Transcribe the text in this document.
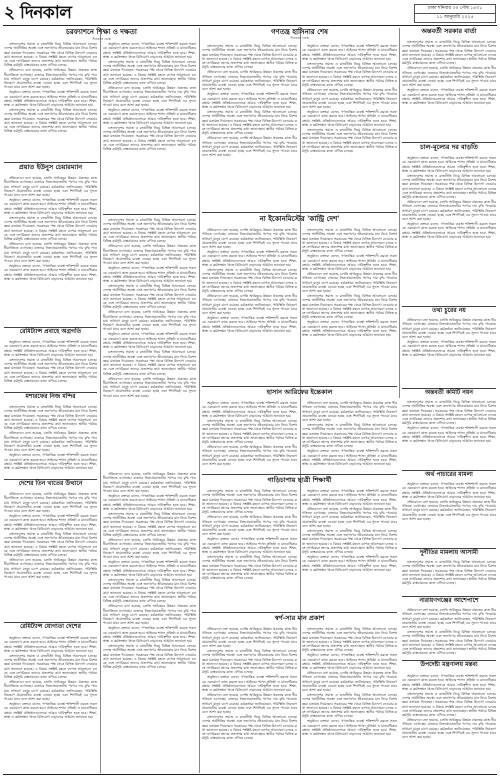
২ দিনকাল	ঢাকা শনিবার ৩০ পৌষ ১৪৩১
১১ জানুয়ারি ২০২৫
চরফ্যাশনে শিক্ষা ও দক্ষতা
দিনকাল ডেস্ক

বাংলাদেশের সমাজ ও রাজনীতি নিয়ে বিভিন্ন আলোচনা চলছে। দেশের অর্থনীতির অবস্থা এবং জনগণের জীবনযাত্রার মান নিয়ে বিশেষজ্ঞরা মতামত দিয়েছেন। সরকারের পক্ষ থেকে বিভিন্ন উদ্যোগ নেওয়ার কথা জানানো হয়েছে। এ বিষয়ে সংশ্লিষ্ট মহলে ব্যাপক আলোচনা চলছে এবং নাগরিকরা তাদের প্রত্যাশার কথা জানাচ্ছেন। স্থানীয় পর্যায়ে বিভিন্ন কর্মসূচি বাস্তবায়নের কাজ এগিয়ে চলছে।

প্রতিবেদনে বলা হয়েছে, চলতি অর্থবছরে উন্নয়ন প্রকল্পের কাজ ধীরগতিতে এগোচ্ছে। বাজারে নিত্যপ্রয়োজনীয় পণ্যের দাম বৃদ্ধি পাওয়ায় সাধারণ মানুষ চাপে রয়েছে। কর্মকর্তারা জানিয়েছেন, পরিস্থিতি নিয়ন্ত্রণে প্রয়োজনীয় ব্যবস্থা নেওয়া হচ্ছে এবং শিগগিরই এর সুফল পাওয়া যাবে বলে আশা করা হচ্ছে।

অনুষ্ঠানে বক্তারা বলেন, গণতান্ত্রিক ব্যবস্থা শক্তিশালী করতে সকলকে একযোগে কাজ করতে হবে। আইনের শাসন প্রতিষ্ঠা ও মানবাধিকার রক্ষায় সংশ্লিষ্ট প্রতিষ্ঠানগুলোকে আরও দায়িত্বশীল হতে হবে। শিক্ষা, স্বাস্থ্য ও কর্মসংস্থান খাতে বিনিয়োগ বাড়ানোর আহ্বান জানানো হয়।

বাংলাদেশের সমাজ ও রাজনীতি নিয়ে বিভিন্ন আলোচনা চলছে। দেশের অর্থনীতির অবস্থা এবং জনগণের জীবনযাত্রার মান নিয়ে বিশেষজ্ঞরা মতামত দিয়েছেন। সরকারের পক্ষ থেকে বিভিন্ন উদ্যোগ নেওয়ার কথা জানানো হয়েছে। এ বিষয়ে সংশ্লিষ্ট মহলে ব্যাপক আলোচনা চলছে এবং নাগরিকরা তাদের প্রত্যাশার কথা জানাচ্ছেন। স্থানীয় পর্যায়ে বিভিন্ন কর্মসূচি বাস্তবায়নের কাজ এগিয়ে চলছে।

প্রয়াত ইউনুস চেয়ারম্যান

প্রতিবেদনে বলা হয়েছে, চলতি অর্থবছরে উন্নয়ন প্রকল্পের কাজ ধীরগতিতে এগোচ্ছে। বাজারে নিত্যপ্রয়োজনীয় পণ্যের দাম বৃদ্ধি পাওয়ায় সাধারণ মানুষ চাপে রয়েছে। কর্মকর্তারা জানিয়েছেন, পরিস্থিতি নিয়ন্ত্রণে প্রয়োজনীয় ব্যবস্থা নেওয়া হচ্ছে এবং শিগগিরই এর সুফল পাওয়া যাবে বলে আশা করা হচ্ছে।

অনুষ্ঠানে বক্তারা বলেন, গণতান্ত্রিক ব্যবস্থা শক্তিশালী করতে সকলকে একযোগে কাজ করতে হবে। আইনের শাসন প্রতিষ্ঠা ও মানবাধিকার রক্ষায় সংশ্লিষ্ট প্রতিষ্ঠানগুলোকে আরও দায়িত্বশীল হতে হবে। শিক্ষা, স্বাস্থ্য ও কর্মসংস্থান খাতে বিনিয়োগ বাড়ানোর আহ্বান জানানো হয়।

বাংলাদেশের সমাজ ও রাজনীতি নিয়ে বিভিন্ন আলোচনা চলছে। দেশের অর্থনীতির অবস্থা এবং জনগণের জীবনযাত্রার মান নিয়ে বিশেষজ্ঞরা মতামত দিয়েছেন। সরকারের পক্ষ থেকে বিভিন্ন উদ্যোগ নেওয়ার কথা জানানো হয়েছে। এ বিষয়ে সংশ্লিষ্ট মহলে ব্যাপক আলোচনা চলছে এবং নাগরিকরা তাদের প্রত্যাশার কথা জানাচ্ছেন। স্থানীয় পর্যায়ে বিভিন্ন কর্মসূচি বাস্তবায়নের কাজ এগিয়ে চলছে।

প্রতিবেদনে বলা হয়েছে, চলতি অর্থবছরে উন্নয়ন প্রকল্পের কাজ ধীরগতিতে এগোচ্ছে। বাজারে নিত্যপ্রয়োজনীয় পণ্যের দাম বৃদ্ধি পাওয়ায় সাধারণ মানুষ চাপে রয়েছে। কর্মকর্তারা জানিয়েছেন, পরিস্থিতি নিয়ন্ত্রণে প্রয়োজনীয় ব্যবস্থা নেওয়া হচ্ছে এবং শিগগিরই এর সুফল পাওয়া যাবে বলে আশা করা হচ্ছে।

অনুষ্ঠানে বক্তারা বলেন, গণতান্ত্রিক ব্যবস্থা শক্তিশালী করতে সকলকে একযোগে কাজ করতে হবে। আইনের শাসন প্রতিষ্ঠা ও মানবাধিকার রক্ষায় সংশ্লিষ্ট প্রতিষ্ঠানগুলোকে আরও দায়িত্বশীল হতে হবে। শিক্ষা, স্বাস্থ্য ও কর্মসংস্থান খাতে বিনিয়োগ বাড়ানোর আহ্বান জানানো হয়।

রেমিট্যান্স প্রবাহে অগ্রগতি

অনুষ্ঠানে বক্তারা বলেন, গণতান্ত্রিক ব্যবস্থা শক্তিশালী করতে সকলকে একযোগে কাজ করতে হবে। আইনের শাসন প্রতিষ্ঠা ও মানবাধিকার রক্ষায় সংশ্লিষ্ট প্রতিষ্ঠানগুলোকে আরও দায়িত্বশীল হতে হবে। শিক্ষা, স্বাস্থ্য ও কর্মসংস্থান খাতে বিনিয়োগ বাড়ানোর আহ্বান জানানো হয়।

বাংলাদেশের সমাজ ও রাজনীতি নিয়ে বিভিন্ন আলোচনা চলছে। দেশের অর্থনীতির অবস্থা এবং জনগণের জীবনযাত্রার মান নিয়ে বিশেষজ্ঞরা মতামত দিয়েছেন। সরকারের পক্ষ থেকে বিভিন্ন উদ্যোগ নেওয়ার কথা জানানো হয়েছে। এ বিষয়ে সংশ্লিষ্ট মহলে ব্যাপক আলোচনা চলছে এবং নাগরিকরা তাদের প্রত্যাশার কথা জানাচ্ছেন। স্থানীয় পর্যায়ে বিভিন্ন কর্মসূচি বাস্তবায়নের কাজ এগিয়ে চলছে।

মশারফের নিজ মন্দির

বাংলাদেশের সমাজ ও রাজনীতি নিয়ে বিভিন্ন আলোচনা চলছে। দেশের অর্থনীতির অবস্থা এবং জনগণের জীবনযাত্রার মান নিয়ে বিশেষজ্ঞরা মতামত দিয়েছেন। সরকারের পক্ষ থেকে বিভিন্ন উদ্যোগ নেওয়ার কথা জানানো হয়েছে। এ বিষয়ে সংশ্লিষ্ট মহলে ব্যাপক আলোচনা চলছে এবং নাগরিকরা তাদের প্রত্যাশার কথা জানাচ্ছেন। স্থানীয় পর্যায়ে বিভিন্ন কর্মসূচি বাস্তবায়নের কাজ এগিয়ে চলছে।

প্রতিবেদনে বলা হয়েছে, চলতি অর্থবছরে উন্নয়ন প্রকল্পের কাজ ধীরগতিতে এগোচ্ছে। বাজারে নিত্যপ্রয়োজনীয় পণ্যের দাম বৃদ্ধি পাওয়ায় সাধারণ মানুষ চাপে রয়েছে। কর্মকর্তারা জানিয়েছেন, পরিস্থিতি নিয়ন্ত্রণে প্রয়োজনীয় ব্যবস্থা নেওয়া হচ্ছে এবং শিগগিরই এর সুফল পাওয়া যাবে বলে আশা করা হচ্ছে।

অনুষ্ঠানে বক্তারা বলেন, গণতান্ত্রিক ব্যবস্থা শক্তিশালী করতে সকলকে একযোগে কাজ করতে হবে। আইনের শাসন প্রতিষ্ঠা ও মানবাধিকার রক্ষায় সংশ্লিষ্ট প্রতিষ্ঠানগুলোকে আরও দায়িত্বশীল হতে হবে। শিক্ষা, স্বাস্থ্য ও কর্মসংস্থান খাতে বিনিয়োগ বাড়ানোর আহ্বান জানানো হয়।

দেশের তিন খাতের উত্থানে

প্রতিবেদনে বলা হয়েছে, চলতি অর্থবছরে উন্নয়ন প্রকল্পের কাজ ধীরগতিতে এগোচ্ছে। বাজারে নিত্যপ্রয়োজনীয় পণ্যের দাম বৃদ্ধি পাওয়ায় সাধারণ মানুষ চাপে রয়েছে। কর্মকর্তারা জানিয়েছেন, পরিস্থিতি নিয়ন্ত্রণে প্রয়োজনীয় ব্যবস্থা নেওয়া হচ্ছে এবং শিগগিরই এর সুফল পাওয়া যাবে বলে আশা করা হচ্ছে।

অনুষ্ঠানে বক্তারা বলেন, গণতান্ত্রিক ব্যবস্থা শক্তিশালী করতে সকলকে একযোগে কাজ করতে হবে। আইনের শাসন প্রতিষ্ঠা ও মানবাধিকার রক্ষায় সংশ্লিষ্ট প্রতিষ্ঠানগুলোকে আরও দায়িত্বশীল হতে হবে। শিক্ষা, স্বাস্থ্য ও কর্মসংস্থান খাতে বিনিয়োগ বাড়ানোর আহ্বান জানানো হয়।

বাংলাদেশের সমাজ ও রাজনীতি নিয়ে বিভিন্ন আলোচনা চলছে। দেশের অর্থনীতির অবস্থা এবং জনগণের জীবনযাত্রার মান নিয়ে বিশেষজ্ঞরা মতামত দিয়েছেন। সরকারের পক্ষ থেকে বিভিন্ন উদ্যোগ নেওয়ার কথা জানানো হয়েছে। এ বিষয়ে সংশ্লিষ্ট মহলে ব্যাপক আলোচনা চলছে এবং নাগরিকরা তাদের প্রত্যাশার কথা জানাচ্ছেন। স্থানীয় পর্যায়ে বিভিন্ন কর্মসূচি বাস্তবায়নের কাজ এগিয়ে চলছে।

প্রতিবেদনে বলা হয়েছে, চলতি অর্থবছরে উন্নয়ন প্রকল্পের কাজ ধীরগতিতে এগোচ্ছে। বাজারে নিত্যপ্রয়োজনীয় পণ্যের দাম বৃদ্ধি পাওয়ায় সাধারণ মানুষ চাপে রয়েছে। কর্মকর্তারা জানিয়েছেন, পরিস্থিতি নিয়ন্ত্রণে প্রয়োজনীয় ব্যবস্থা নেওয়া হচ্ছে এবং শিগগিরই এর সুফল পাওয়া যাবে বলে আশা করা হচ্ছে।

রেমিট্যান্স যোগ্যতা দেশের

অনুষ্ঠানে বক্তারা বলেন, গণতান্ত্রিক ব্যবস্থা শক্তিশালী করতে সকলকে একযোগে কাজ করতে হবে। আইনের শাসন প্রতিষ্ঠা ও মানবাধিকার রক্ষায় সংশ্লিষ্ট প্রতিষ্ঠানগুলোকে আরও দায়িত্বশীল হতে হবে। শিক্ষা, স্বাস্থ্য ও কর্মসংস্থান খাতে বিনিয়োগ বাড়ানোর আহ্বান জানানো হয়।

বাংলাদেশের সমাজ ও রাজনীতি নিয়ে বিভিন্ন আলোচনা চলছে। দেশের অর্থনীতির অবস্থা এবং জনগণের জীবনযাত্রার মান নিয়ে বিশেষজ্ঞরা মতামত দিয়েছেন। সরকারের পক্ষ থেকে বিভিন্ন উদ্যোগ নেওয়ার কথা জানানো হয়েছে। এ বিষয়ে সংশ্লিষ্ট মহলে ব্যাপক আলোচনা চলছে এবং নাগরিকরা তাদের প্রত্যাশার কথা জানাচ্ছেন। স্থানীয় পর্যায়ে বিভিন্ন কর্মসূচি বাস্তবায়নের কাজ এগিয়ে চলছে।

প্রতিবেদনে বলা হয়েছে, চলতি অর্থবছরে উন্নয়ন প্রকল্পের কাজ ধীরগতিতে এগোচ্ছে। বাজারে নিত্যপ্রয়োজনীয় পণ্যের দাম বৃদ্ধি পাওয়ায় সাধারণ মানুষ চাপে রয়েছে। কর্মকর্তারা জানিয়েছেন, পরিস্থিতি নিয়ন্ত্রণে প্রয়োজনীয় ব্যবস্থা নেওয়া হচ্ছে এবং শিগগিরই এর সুফল পাওয়া যাবে বলে আশা করা হচ্ছে।

অনুষ্ঠানে বক্তারা বলেন, গণতান্ত্রিক ব্যবস্থা শক্তিশালী করতে সকলকে একযোগে কাজ করতে হবে। আইনের শাসন প্রতিষ্ঠা ও মানবাধিকার রক্ষায় সংশ্লিষ্ট প্রতিষ্ঠানগুলোকে আরও দায়িত্বশীল হতে হবে। শিক্ষা, স্বাস্থ্য ও কর্মসংস্থান খাতে বিনিয়োগ বাড়ানোর আহ্বান জানানো হয়।

অনুষ্ঠানে বক্তারা বলেন, গণতান্ত্রিক ব্যবস্থা শক্তিশালী করতে সকলকে একযোগে কাজ করতে হবে। আইনের শাসন প্রতিষ্ঠা ও মানবাধিকার রক্ষায় সংশ্লিষ্ট প্রতিষ্ঠানগুলোকে আরও দায়িত্বশীল হতে হবে। শিক্ষা, স্বাস্থ্য ও কর্মসংস্থান খাতে বিনিয়োগ বাড়ানোর আহ্বান জানানো হয়।

বাংলাদেশের সমাজ ও রাজনীতি নিয়ে বিভিন্ন আলোচনা চলছে। দেশের অর্থনীতির অবস্থা এবং জনগণের জীবনযাত্রার মান নিয়ে বিশেষজ্ঞরা মতামত দিয়েছেন। সরকারের পক্ষ থেকে বিভিন্ন উদ্যোগ নেওয়ার কথা জানানো হয়েছে। এ বিষয়ে সংশ্লিষ্ট মহলে ব্যাপক আলোচনা চলছে এবং নাগরিকরা তাদের প্রত্যাশার কথা জানাচ্ছেন। স্থানীয় পর্যায়ে বিভিন্ন কর্মসূচি বাস্তবায়নের কাজ এগিয়ে চলছে।

প্রতিবেদনে বলা হয়েছে, চলতি অর্থবছরে উন্নয়ন প্রকল্পের কাজ ধীরগতিতে এগোচ্ছে। বাজারে নিত্যপ্রয়োজনীয় পণ্যের দাম বৃদ্ধি পাওয়ায় সাধারণ মানুষ চাপে রয়েছে। কর্মকর্তারা জানিয়েছেন, পরিস্থিতি নিয়ন্ত্রণে প্রয়োজনীয় ব্যবস্থা নেওয়া হচ্ছে এবং শিগগিরই এর সুফল পাওয়া যাবে বলে আশা করা হচ্ছে।

অনুষ্ঠানে বক্তারা বলেন, গণতান্ত্রিক ব্যবস্থা শক্তিশালী করতে সকলকে একযোগে কাজ করতে হবে। আইনের শাসন প্রতিষ্ঠা ও মানবাধিকার রক্ষায় সংশ্লিষ্ট প্রতিষ্ঠানগুলোকে আরও দায়িত্বশীল হতে হবে। শিক্ষা, স্বাস্থ্য ও কর্মসংস্থান খাতে বিনিয়োগ বাড়ানোর আহ্বান জানানো হয়।

বাংলাদেশের সমাজ ও রাজনীতি নিয়ে বিভিন্ন আলোচনা চলছে। দেশের অর্থনীতির অবস্থা এবং জনগণের জীবনযাত্রার মান নিয়ে বিশেষজ্ঞরা মতামত দিয়েছেন। সরকারের পক্ষ থেকে বিভিন্ন উদ্যোগ নেওয়ার কথা জানানো হয়েছে। এ বিষয়ে সংশ্লিষ্ট মহলে ব্যাপক আলোচনা চলছে এবং নাগরিকরা তাদের প্রত্যাশার কথা জানাচ্ছেন। স্থানীয় পর্যায়ে বিভিন্ন কর্মসূচি বাস্তবায়নের কাজ এগিয়ে চলছে।

বাংলাদেশের সমাজ ও রাজনীতি নিয়ে বিভিন্ন আলোচনা চলছে। দেশের অর্থনীতির অবস্থা এবং জনগণের জীবনযাত্রার মান নিয়ে বিশেষজ্ঞরা মতামত দিয়েছেন। সরকারের পক্ষ থেকে বিভিন্ন উদ্যোগ নেওয়ার কথা জানানো হয়েছে। এ বিষয়ে সংশ্লিষ্ট মহলে ব্যাপক আলোচনা চলছে এবং নাগরিকরা তাদের প্রত্যাশার কথা জানাচ্ছেন। স্থানীয় পর্যায়ে বিভিন্ন কর্মসূচি বাস্তবায়নের কাজ এগিয়ে চলছে।

প্রতিবেদনে বলা হয়েছে, চলতি অর্থবছরে উন্নয়ন প্রকল্পের কাজ ধীরগতিতে এগোচ্ছে। বাজারে নিত্যপ্রয়োজনীয় পণ্যের দাম বৃদ্ধি পাওয়ায় সাধারণ মানুষ চাপে রয়েছে। কর্মকর্তারা জানিয়েছেন, পরিস্থিতি নিয়ন্ত্রণে প্রয়োজনীয় ব্যবস্থা নেওয়া হচ্ছে এবং শিগগিরই এর সুফল পাওয়া যাবে বলে আশা করা হচ্ছে।

অনুষ্ঠানে বক্তারা বলেন, গণতান্ত্রিক ব্যবস্থা শক্তিশালী করতে সকলকে একযোগে কাজ করতে হবে। আইনের শাসন প্রতিষ্ঠা ও মানবাধিকার রক্ষায় সংশ্লিষ্ট প্রতিষ্ঠানগুলোকে আরও দায়িত্বশীল হতে হবে। শিক্ষা, স্বাস্থ্য ও কর্মসংস্থান খাতে বিনিয়োগ বাড়ানোর আহ্বান জানানো হয়।

বাংলাদেশের সমাজ ও রাজনীতি নিয়ে বিভিন্ন আলোচনা চলছে। দেশের অর্থনীতির অবস্থা এবং জনগণের জীবনযাত্রার মান নিয়ে বিশেষজ্ঞরা মতামত দিয়েছেন। সরকারের পক্ষ থেকে বিভিন্ন উদ্যোগ নেওয়ার কথা জানানো হয়েছে। এ বিষয়ে সংশ্লিষ্ট মহলে ব্যাপক আলোচনা চলছে এবং নাগরিকরা তাদের প্রত্যাশার কথা জানাচ্ছেন। স্থানীয় পর্যায়ে বিভিন্ন কর্মসূচি বাস্তবায়নের কাজ এগিয়ে চলছে।

প্রতিবেদনে বলা হয়েছে, চলতি অর্থবছরে উন্নয়ন প্রকল্পের কাজ ধীরগতিতে এগোচ্ছে। বাজারে নিত্যপ্রয়োজনীয় পণ্যের দাম বৃদ্ধি পাওয়ায় সাধারণ মানুষ চাপে রয়েছে। কর্মকর্তারা জানিয়েছেন, পরিস্থিতি নিয়ন্ত্রণে প্রয়োজনীয় ব্যবস্থা নেওয়া হচ্ছে এবং শিগগিরই এর সুফল পাওয়া যাবে বলে আশা করা হচ্ছে।

অনুষ্ঠানে বক্তারা বলেন, গণতান্ত্রিক ব্যবস্থা শক্তিশালী করতে সকলকে একযোগে কাজ করতে হবে। আইনের শাসন প্রতিষ্ঠা ও মানবাধিকার রক্ষায় সংশ্লিষ্ট প্রতিষ্ঠানগুলোকে আরও দায়িত্বশীল হতে হবে। শিক্ষা, স্বাস্থ্য ও কর্মসংস্থান খাতে বিনিয়োগ বাড়ানোর আহ্বান জানানো হয়।

বাংলাদেশের সমাজ ও রাজনীতি নিয়ে বিভিন্ন আলোচনা চলছে। দেশের অর্থনীতির অবস্থা এবং জনগণের জীবনযাত্রার মান নিয়ে বিশেষজ্ঞরা মতামত দিয়েছেন। সরকারের পক্ষ থেকে বিভিন্ন উদ্যোগ নেওয়ার কথা জানানো হয়েছে। এ বিষয়ে সংশ্লিষ্ট মহলে ব্যাপক আলোচনা চলছে এবং নাগরিকরা তাদের প্রত্যাশার কথা জানাচ্ছেন। স্থানীয় পর্যায়ে বিভিন্ন কর্মসূচি বাস্তবায়নের কাজ এগিয়ে চলছে।

প্রতিবেদনে বলা হয়েছে, চলতি অর্থবছরে উন্নয়ন প্রকল্পের কাজ ধীরগতিতে এগোচ্ছে। বাজারে নিত্যপ্রয়োজনীয় পণ্যের দাম বৃদ্ধি পাওয়ায় সাধারণ মানুষ চাপে রয়েছে। কর্মকর্তারা জানিয়েছেন, পরিস্থিতি নিয়ন্ত্রণে প্রয়োজনীয় ব্যবস্থা নেওয়া হচ্ছে এবং শিগগিরই এর সুফল পাওয়া যাবে বলে আশা করা হচ্ছে।

প্রতিবেদনে বলা হয়েছে, চলতি অর্থবছরে উন্নয়ন প্রকল্পের কাজ ধীরগতিতে এগোচ্ছে। বাজারে নিত্যপ্রয়োজনীয় পণ্যের দাম বৃদ্ধি পাওয়ায় সাধারণ মানুষ চাপে রয়েছে। কর্মকর্তারা জানিয়েছেন, পরিস্থিতি নিয়ন্ত্রণে প্রয়োজনীয় ব্যবস্থা নেওয়া হচ্ছে এবং শিগগিরই এর সুফল পাওয়া যাবে বলে আশা করা হচ্ছে।

অনুষ্ঠানে বক্তারা বলেন, গণতান্ত্রিক ব্যবস্থা শক্তিশালী করতে সকলকে একযোগে কাজ করতে হবে। আইনের শাসন প্রতিষ্ঠা ও মানবাধিকার রক্ষায় সংশ্লিষ্ট প্রতিষ্ঠানগুলোকে আরও দায়িত্বশীল হতে হবে। শিক্ষা, স্বাস্থ্য ও কর্মসংস্থান খাতে বিনিয়োগ বাড়ানোর আহ্বান জানানো হয়।

বাংলাদেশের সমাজ ও রাজনীতি নিয়ে বিভিন্ন আলোচনা চলছে। দেশের অর্থনীতির অবস্থা এবং জনগণের জীবনযাত্রার মান নিয়ে বিশেষজ্ঞরা মতামত দিয়েছেন। সরকারের পক্ষ থেকে বিভিন্ন উদ্যোগ নেওয়ার কথা জানানো হয়েছে। এ বিষয়ে সংশ্লিষ্ট মহলে ব্যাপক আলোচনা চলছে এবং নাগরিকরা তাদের প্রত্যাশার কথা জানাচ্ছেন। স্থানীয় পর্যায়ে বিভিন্ন কর্মসূচি বাস্তবায়নের কাজ এগিয়ে চলছে।

প্রতিবেদনে বলা হয়েছে, চলতি অর্থবছরে উন্নয়ন প্রকল্পের কাজ ধীরগতিতে এগোচ্ছে। বাজারে নিত্যপ্রয়োজনীয় পণ্যের দাম বৃদ্ধি পাওয়ায় সাধারণ মানুষ চাপে রয়েছে। কর্মকর্তারা জানিয়েছেন, পরিস্থিতি নিয়ন্ত্রণে প্রয়োজনীয় ব্যবস্থা নেওয়া হচ্ছে এবং শিগগিরই এর সুফল পাওয়া যাবে বলে আশা করা হচ্ছে।

অনুষ্ঠানে বক্তারা বলেন, গণতান্ত্রিক ব্যবস্থা শক্তিশালী করতে সকলকে একযোগে কাজ করতে হবে। আইনের শাসন প্রতিষ্ঠা ও মানবাধিকার রক্ষায় সংশ্লিষ্ট প্রতিষ্ঠানগুলোকে আরও দায়িত্বশীল হতে হবে। শিক্ষা, স্বাস্থ্য ও কর্মসংস্থান খাতে বিনিয়োগ বাড়ানোর আহ্বান জানানো হয়।

বাংলাদেশের সমাজ ও রাজনীতি নিয়ে বিভিন্ন আলোচনা চলছে। দেশের অর্থনীতির অবস্থা এবং জনগণের জীবনযাত্রার মান নিয়ে বিশেষজ্ঞরা মতামত দিয়েছেন। সরকারের পক্ষ থেকে বিভিন্ন উদ্যোগ নেওয়ার কথা জানানো হয়েছে। এ বিষয়ে সংশ্লিষ্ট মহলে ব্যাপক আলোচনা চলছে এবং নাগরিকরা তাদের প্রত্যাশার কথা জানাচ্ছেন। স্থানীয় পর্যায়ে বিভিন্ন কর্মসূচি বাস্তবায়নের কাজ এগিয়ে চলছে।

প্রতিবেদনে বলা হয়েছে, চলতি অর্থবছরে উন্নয়ন প্রকল্পের কাজ ধীরগতিতে এগোচ্ছে। বাজারে নিত্যপ্রয়োজনীয় পণ্যের দাম বৃদ্ধি পাওয়ায় সাধারণ মানুষ চাপে রয়েছে। কর্মকর্তারা জানিয়েছেন, পরিস্থিতি নিয়ন্ত্রণে প্রয়োজনীয় ব্যবস্থা নেওয়া হচ্ছে এবং শিগগিরই এর সুফল পাওয়া যাবে বলে আশা করা হচ্ছে।

অনুষ্ঠানে বক্তারা বলেন, গণতান্ত্রিক ব্যবস্থা শক্তিশালী করতে সকলকে একযোগে কাজ করতে হবে। আইনের শাসন প্রতিষ্ঠা ও মানবাধিকার রক্ষায় সংশ্লিষ্ট প্রতিষ্ঠানগুলোকে আরও দায়িত্বশীল হতে হবে। শিক্ষা, স্বাস্থ্য ও কর্মসংস্থান খাতে বিনিয়োগ বাড়ানোর আহ্বান জানানো হয়।

বাংলাদেশের সমাজ ও রাজনীতি নিয়ে বিভিন্ন আলোচনা চলছে। দেশের অর্থনীতির অবস্থা এবং জনগণের জীবনযাত্রার মান নিয়ে বিশেষজ্ঞরা মতামত দিয়েছেন। সরকারের পক্ষ থেকে বিভিন্ন উদ্যোগ নেওয়ার কথা জানানো হয়েছে। এ বিষয়ে সংশ্লিষ্ট মহলে ব্যাপক আলোচনা চলছে এবং নাগরিকরা তাদের প্রত্যাশার কথা জানাচ্ছেন। স্থানীয় পর্যায়ে বিভিন্ন কর্মসূচি বাস্তবায়নের কাজ এগিয়ে চলছে।

গণতন্ত্র হাসিনার শেষ
দিনকাল ডেস্ক

বাংলাদেশের সমাজ ও রাজনীতি নিয়ে বিভিন্ন আলোচনা চলছে। দেশের অর্থনীতির অবস্থা এবং জনগণের জীবনযাত্রার মান নিয়ে বিশেষজ্ঞরা মতামত দিয়েছেন। সরকারের পক্ষ থেকে বিভিন্ন উদ্যোগ নেওয়ার কথা জানানো হয়েছে। এ বিষয়ে সংশ্লিষ্ট মহলে ব্যাপক আলোচনা চলছে এবং নাগরিকরা তাদের প্রত্যাশার কথা জানাচ্ছেন। স্থানীয় পর্যায়ে বিভিন্ন কর্মসূচি বাস্তবায়নের কাজ এগিয়ে চলছে।

প্রতিবেদনে বলা হয়েছে, চলতি অর্থবছরে উন্নয়ন প্রকল্পের কাজ ধীরগতিতে এগোচ্ছে। বাজারে নিত্যপ্রয়োজনীয় পণ্যের দাম বৃদ্ধি পাওয়ায় সাধারণ মানুষ চাপে রয়েছে। কর্মকর্তারা জানিয়েছেন, পরিস্থিতি নিয়ন্ত্রণে প্রয়োজনীয় ব্যবস্থা নেওয়া হচ্ছে এবং শিগগিরই এর সুফল পাওয়া যাবে বলে আশা করা হচ্ছে।

অনুষ্ঠানে বক্তারা বলেন, গণতান্ত্রিক ব্যবস্থা শক্তিশালী করতে সকলকে একযোগে কাজ করতে হবে। আইনের শাসন প্রতিষ্ঠা ও মানবাধিকার রক্ষায় সংশ্লিষ্ট প্রতিষ্ঠানগুলোকে আরও দায়িত্বশীল হতে হবে। শিক্ষা, স্বাস্থ্য ও কর্মসংস্থান খাতে বিনিয়োগ বাড়ানোর আহ্বান জানানো হয়।

বাংলাদেশের সমাজ ও রাজনীতি নিয়ে বিভিন্ন আলোচনা চলছে। দেশের অর্থনীতির অবস্থা এবং জনগণের জীবনযাত্রার মান নিয়ে বিশেষজ্ঞরা মতামত দিয়েছেন। সরকারের পক্ষ থেকে বিভিন্ন উদ্যোগ নেওয়ার কথা জানানো হয়েছে। এ বিষয়ে সংশ্লিষ্ট মহলে ব্যাপক আলোচনা চলছে এবং নাগরিকরা তাদের প্রত্যাশার কথা জানাচ্ছেন। স্থানীয় পর্যায়ে বিভিন্ন কর্মসূচি বাস্তবায়নের কাজ এগিয়ে চলছে।

প্রতিবেদনে বলা হয়েছে, চলতি অর্থবছরে উন্নয়ন প্রকল্পের কাজ ধীরগতিতে এগোচ্ছে। বাজারে নিত্যপ্রয়োজনীয় পণ্যের দাম বৃদ্ধি পাওয়ায় সাধারণ মানুষ চাপে রয়েছে। কর্মকর্তারা জানিয়েছেন, পরিস্থিতি নিয়ন্ত্রণে প্রয়োজনীয় ব্যবস্থা নেওয়া হচ্ছে এবং শিগগিরই এর সুফল পাওয়া যাবে বলে আশা করা হচ্ছে।

অনুষ্ঠানে বক্তারা বলেন, গণতান্ত্রিক ব্যবস্থা শক্তিশালী করতে সকলকে একযোগে কাজ করতে হবে। আইনের শাসন প্রতিষ্ঠা ও মানবাধিকার রক্ষায় সংশ্লিষ্ট প্রতিষ্ঠানগুলোকে আরও দায়িত্বশীল হতে হবে। শিক্ষা, স্বাস্থ্য ও কর্মসংস্থান খাতে বিনিয়োগ বাড়ানোর আহ্বান জানানো হয়।

বাংলাদেশের সমাজ ও রাজনীতি নিয়ে বিভিন্ন আলোচনা চলছে। দেশের অর্থনীতির অবস্থা এবং জনগণের জীবনযাত্রার মান নিয়ে বিশেষজ্ঞরা মতামত দিয়েছেন। সরকারের পক্ষ থেকে বিভিন্ন উদ্যোগ নেওয়ার কথা জানানো হয়েছে। এ বিষয়ে সংশ্লিষ্ট মহলে ব্যাপক আলোচনা চলছে এবং নাগরিকরা তাদের প্রত্যাশার কথা জানাচ্ছেন। স্থানীয় পর্যায়ে বিভিন্ন কর্মসূচি বাস্তবায়নের কাজ এগিয়ে চলছে।

প্রতিবেদনে বলা হয়েছে, চলতি অর্থবছরে উন্নয়ন প্রকল্পের কাজ ধীরগতিতে এগোচ্ছে। বাজারে নিত্যপ্রয়োজনীয় পণ্যের দাম বৃদ্ধি পাওয়ায় সাধারণ মানুষ চাপে রয়েছে। কর্মকর্তারা জানিয়েছেন, পরিস্থিতি নিয়ন্ত্রণে প্রয়োজনীয় ব্যবস্থা নেওয়া হচ্ছে এবং শিগগিরই এর সুফল পাওয়া যাবে বলে আশা করা হচ্ছে।

অনুষ্ঠানে বক্তারা বলেন, গণতান্ত্রিক ব্যবস্থা শক্তিশালী করতে সকলকে একযোগে কাজ করতে হবে। আইনের শাসন প্রতিষ্ঠা ও মানবাধিকার রক্ষায় সংশ্লিষ্ট প্রতিষ্ঠানগুলোকে আরও দায়িত্বশীল হতে হবে। শিক্ষা, স্বাস্থ্য ও কর্মসংস্থান খাতে বিনিয়োগ বাড়ানোর আহ্বান জানানো হয়।

বাংলাদেশের সমাজ ও রাজনীতি নিয়ে বিভিন্ন আলোচনা চলছে। দেশের অর্থনীতির অবস্থা এবং জনগণের জীবনযাত্রার মান নিয়ে বিশেষজ্ঞরা মতামত দিয়েছেন। সরকারের পক্ষ থেকে বিভিন্ন উদ্যোগ নেওয়ার কথা জানানো হয়েছে। এ বিষয়ে সংশ্লিষ্ট মহলে ব্যাপক আলোচনা চলছে এবং নাগরিকরা তাদের প্রত্যাশার কথা জানাচ্ছেন। স্থানীয় পর্যায়ে বিভিন্ন কর্মসূচি বাস্তবায়নের কাজ এগিয়ে চলছে।

না ইকোনমিস্টের 'কান্ট্রি দেশ'

প্রতিবেদনে বলা হয়েছে, চলতি অর্থবছরে উন্নয়ন প্রকল্পের কাজ ধীরগতিতে এগোচ্ছে। বাজারে নিত্যপ্রয়োজনীয় পণ্যের দাম বৃদ্ধি পাওয়ায় সাধারণ মানুষ চাপে রয়েছে। কর্মকর্তারা জানিয়েছেন, পরিস্থিতি নিয়ন্ত্রণে প্রয়োজনীয় ব্যবস্থা নেওয়া হচ্ছে এবং শিগগিরই এর সুফল পাওয়া যাবে বলে আশা করা হচ্ছে।

অনুষ্ঠানে বক্তারা বলেন, গণতান্ত্রিক ব্যবস্থা শক্তিশালী করতে সকলকে একযোগে কাজ করতে হবে। আইনের শাসন প্রতিষ্ঠা ও মানবাধিকার রক্ষায় সংশ্লিষ্ট প্রতিষ্ঠানগুলোকে আরও দায়িত্বশীল হতে হবে। শিক্ষা, স্বাস্থ্য ও কর্মসংস্থান খাতে বিনিয়োগ বাড়ানোর আহ্বান জানানো হয়।

বাংলাদেশের সমাজ ও রাজনীতি নিয়ে বিভিন্ন আলোচনা চলছে। দেশের অর্থনীতির অবস্থা এবং জনগণের জীবনযাত্রার মান নিয়ে বিশেষজ্ঞরা মতামত দিয়েছেন। সরকারের পক্ষ থেকে বিভিন্ন উদ্যোগ নেওয়ার কথা জানানো হয়েছে। এ বিষয়ে সংশ্লিষ্ট মহলে ব্যাপক আলোচনা চলছে এবং নাগরিকরা তাদের প্রত্যাশার কথা জানাচ্ছেন। স্থানীয় পর্যায়ে বিভিন্ন কর্মসূচি বাস্তবায়নের কাজ এগিয়ে চলছে।

প্রতিবেদনে বলা হয়েছে, চলতি অর্থবছরে উন্নয়ন প্রকল্পের কাজ ধীরগতিতে এগোচ্ছে। বাজারে নিত্যপ্রয়োজনীয় পণ্যের দাম বৃদ্ধি পাওয়ায় সাধারণ মানুষ চাপে রয়েছে। কর্মকর্তারা জানিয়েছেন, পরিস্থিতি নিয়ন্ত্রণে প্রয়োজনীয় ব্যবস্থা নেওয়া হচ্ছে এবং শিগগিরই এর সুফল পাওয়া যাবে বলে আশা করা হচ্ছে।

অনুষ্ঠানে বক্তারা বলেন, গণতান্ত্রিক ব্যবস্থা শক্তিশালী করতে সকলকে একযোগে কাজ করতে হবে। আইনের শাসন প্রতিষ্ঠা ও মানবাধিকার রক্ষায় সংশ্লিষ্ট প্রতিষ্ঠানগুলোকে আরও দায়িত্বশীল হতে হবে। শিক্ষা, স্বাস্থ্য ও কর্মসংস্থান খাতে বিনিয়োগ বাড়ানোর আহ্বান জানানো হয়।

বাংলাদেশের সমাজ ও রাজনীতি নিয়ে বিভিন্ন আলোচনা চলছে। দেশের অর্থনীতির অবস্থা এবং জনগণের জীবনযাত্রার মান নিয়ে বিশেষজ্ঞরা মতামত দিয়েছেন। সরকারের পক্ষ থেকে বিভিন্ন উদ্যোগ নেওয়ার কথা জানানো হয়েছে। এ বিষয়ে সংশ্লিষ্ট মহলে ব্যাপক আলোচনা চলছে এবং নাগরিকরা তাদের প্রত্যাশার কথা জানাচ্ছেন। স্থানীয় পর্যায়ে বিভিন্ন কর্মসূচি বাস্তবায়নের কাজ এগিয়ে চলছে।

অনুষ্ঠানে বক্তারা বলেন, গণতান্ত্রিক ব্যবস্থা শক্তিশালী করতে সকলকে একযোগে কাজ করতে হবে। আইনের শাসন প্রতিষ্ঠা ও মানবাধিকার রক্ষায় সংশ্লিষ্ট প্রতিষ্ঠানগুলোকে আরও দায়িত্বশীল হতে হবে। শিক্ষা, স্বাস্থ্য ও কর্মসংস্থান খাতে বিনিয়োগ বাড়ানোর আহ্বান জানানো হয়।

প্রতিবেদনে বলা হয়েছে, চলতি অর্থবছরে উন্নয়ন প্রকল্পের কাজ ধীরগতিতে এগোচ্ছে। বাজারে নিত্যপ্রয়োজনীয় পণ্যের দাম বৃদ্ধি পাওয়ায় সাধারণ মানুষ চাপে রয়েছে। কর্মকর্তারা জানিয়েছেন, পরিস্থিতি নিয়ন্ত্রণে প্রয়োজনীয় ব্যবস্থা নেওয়া হচ্ছে এবং শিগগিরই এর সুফল পাওয়া যাবে বলে আশা করা হচ্ছে।

বাংলাদেশের সমাজ ও রাজনীতি নিয়ে বিভিন্ন আলোচনা চলছে। দেশের অর্থনীতির অবস্থা এবং জনগণের জীবনযাত্রার মান নিয়ে বিশেষজ্ঞরা মতামত দিয়েছেন। সরকারের পক্ষ থেকে বিভিন্ন উদ্যোগ নেওয়ার কথা জানানো হয়েছে। এ বিষয়ে সংশ্লিষ্ট মহলে ব্যাপক আলোচনা চলছে এবং নাগরিকরা তাদের প্রত্যাশার কথা জানাচ্ছেন। স্থানীয় পর্যায়ে বিভিন্ন কর্মসূচি বাস্তবায়নের কাজ এগিয়ে চলছে।

অনুষ্ঠানে বক্তারা বলেন, গণতান্ত্রিক ব্যবস্থা শক্তিশালী করতে সকলকে একযোগে কাজ করতে হবে। আইনের শাসন প্রতিষ্ঠা ও মানবাধিকার রক্ষায় সংশ্লিষ্ট প্রতিষ্ঠানগুলোকে আরও দায়িত্বশীল হতে হবে। শিক্ষা, স্বাস্থ্য ও কর্মসংস্থান খাতে বিনিয়োগ বাড়ানোর আহ্বান জানানো হয়।

হাসান আরিফের ইন্তেকাল

অনুষ্ঠানে বক্তারা বলেন, গণতান্ত্রিক ব্যবস্থা শক্তিশালী করতে সকলকে একযোগে কাজ করতে হবে। আইনের শাসন প্রতিষ্ঠা ও মানবাধিকার রক্ষায় সংশ্লিষ্ট প্রতিষ্ঠানগুলোকে আরও দায়িত্বশীল হতে হবে। শিক্ষা, স্বাস্থ্য ও কর্মসংস্থান খাতে বিনিয়োগ বাড়ানোর আহ্বান জানানো হয়।

বাংলাদেশের সমাজ ও রাজনীতি নিয়ে বিভিন্ন আলোচনা চলছে। দেশের অর্থনীতির অবস্থা এবং জনগণের জীবনযাত্রার মান নিয়ে বিশেষজ্ঞরা মতামত দিয়েছেন। সরকারের পক্ষ থেকে বিভিন্ন উদ্যোগ নেওয়ার কথা জানানো হয়েছে। এ বিষয়ে সংশ্লিষ্ট মহলে ব্যাপক আলোচনা চলছে এবং নাগরিকরা তাদের প্রত্যাশার কথা জানাচ্ছেন। স্থানীয় পর্যায়ে বিভিন্ন কর্মসূচি বাস্তবায়নের কাজ এগিয়ে চলছে।

প্রতিবেদনে বলা হয়েছে, চলতি অর্থবছরে উন্নয়ন প্রকল্পের কাজ ধীরগতিতে এগোচ্ছে। বাজারে নিত্যপ্রয়োজনীয় পণ্যের দাম বৃদ্ধি পাওয়ায় সাধারণ মানুষ চাপে রয়েছে। কর্মকর্তারা জানিয়েছেন, পরিস্থিতি নিয়ন্ত্রণে প্রয়োজনীয় ব্যবস্থা নেওয়া হচ্ছে এবং শিগগিরই এর সুফল পাওয়া যাবে বলে আশা করা হচ্ছে।

প্রতিবেদনে বলা হয়েছে, চলতি অর্থবছরে উন্নয়ন প্রকল্পের কাজ ধীরগতিতে এগোচ্ছে। বাজারে নিত্যপ্রয়োজনীয় পণ্যের দাম বৃদ্ধি পাওয়ায় সাধারণ মানুষ চাপে রয়েছে। কর্মকর্তারা জানিয়েছেন, পরিস্থিতি নিয়ন্ত্রণে প্রয়োজনীয় ব্যবস্থা নেওয়া হচ্ছে এবং শিগগিরই এর সুফল পাওয়া যাবে বলে আশা করা হচ্ছে।

বাংলাদেশের সমাজ ও রাজনীতি নিয়ে বিভিন্ন আলোচনা চলছে। দেশের অর্থনীতির অবস্থা এবং জনগণের জীবনযাত্রার মান নিয়ে বিশেষজ্ঞরা মতামত দিয়েছেন। সরকারের পক্ষ থেকে বিভিন্ন উদ্যোগ নেওয়ার কথা জানানো হয়েছে। এ বিষয়ে সংশ্লিষ্ট মহলে ব্যাপক আলোচনা চলছে এবং নাগরিকরা তাদের প্রত্যাশার কথা জানাচ্ছেন। স্থানীয় পর্যায়ে বিভিন্ন কর্মসূচি বাস্তবায়নের কাজ এগিয়ে চলছে।

অনুষ্ঠানে বক্তারা বলেন, গণতান্ত্রিক ব্যবস্থা শক্তিশালী করতে সকলকে একযোগে কাজ করতে হবে। আইনের শাসন প্রতিষ্ঠা ও মানবাধিকার রক্ষায় সংশ্লিষ্ট প্রতিষ্ঠানগুলোকে আরও দায়িত্বশীল হতে হবে। শিক্ষা, স্বাস্থ্য ও কর্মসংস্থান খাতে বিনিয়োগ বাড়ানোর আহ্বান জানানো হয়।

গাড়িচাপায় ছাত্রী শিক্ষার্থী

বাংলাদেশের সমাজ ও রাজনীতি নিয়ে বিভিন্ন আলোচনা চলছে। দেশের অর্থনীতির অবস্থা এবং জনগণের জীবনযাত্রার মান নিয়ে বিশেষজ্ঞরা মতামত দিয়েছেন। সরকারের পক্ষ থেকে বিভিন্ন উদ্যোগ নেওয়ার কথা জানানো হয়েছে। এ বিষয়ে সংশ্লিষ্ট মহলে ব্যাপক আলোচনা চলছে এবং নাগরিকরা তাদের প্রত্যাশার কথা জানাচ্ছেন। স্থানীয় পর্যায়ে বিভিন্ন কর্মসূচি বাস্তবায়নের কাজ এগিয়ে চলছে।

প্রতিবেদনে বলা হয়েছে, চলতি অর্থবছরে উন্নয়ন প্রকল্পের কাজ ধীরগতিতে এগোচ্ছে। বাজারে নিত্যপ্রয়োজনীয় পণ্যের দাম বৃদ্ধি পাওয়ায় সাধারণ মানুষ চাপে রয়েছে। কর্মকর্তারা জানিয়েছেন, পরিস্থিতি নিয়ন্ত্রণে প্রয়োজনীয় ব্যবস্থা নেওয়া হচ্ছে এবং শিগগিরই এর সুফল পাওয়া যাবে বলে আশা করা হচ্ছে।

অনুষ্ঠানে বক্তারা বলেন, গণতান্ত্রিক ব্যবস্থা শক্তিশালী করতে সকলকে একযোগে কাজ করতে হবে। আইনের শাসন প্রতিষ্ঠা ও মানবাধিকার রক্ষায় সংশ্লিষ্ট প্রতিষ্ঠানগুলোকে আরও দায়িত্বশীল হতে হবে। শিক্ষা, স্বাস্থ্য ও কর্মসংস্থান খাতে বিনিয়োগ বাড়ানোর আহ্বান জানানো হয়।

বাংলাদেশের সমাজ ও রাজনীতি নিয়ে বিভিন্ন আলোচনা চলছে। দেশের অর্থনীতির অবস্থা এবং জনগণের জীবনযাত্রার মান নিয়ে বিশেষজ্ঞরা মতামত দিয়েছেন। সরকারের পক্ষ থেকে বিভিন্ন উদ্যোগ নেওয়ার কথা জানানো হয়েছে। এ বিষয়ে সংশ্লিষ্ট মহলে ব্যাপক আলোচনা চলছে এবং নাগরিকরা তাদের প্রত্যাশার কথা জানাচ্ছেন। স্থানীয় পর্যায়ে বিভিন্ন কর্মসূচি বাস্তবায়নের কাজ এগিয়ে চলছে।

অনুষ্ঠানে বক্তারা বলেন, গণতান্ত্রিক ব্যবস্থা শক্তিশালী করতে সকলকে একযোগে কাজ করতে হবে। আইনের শাসন প্রতিষ্ঠা ও মানবাধিকার রক্ষায় সংশ্লিষ্ট প্রতিষ্ঠানগুলোকে আরও দায়িত্বশীল হতে হবে। শিক্ষা, স্বাস্থ্য ও কর্মসংস্থান খাতে বিনিয়োগ বাড়ানোর আহ্বান জানানো হয়।

প্রতিবেদনে বলা হয়েছে, চলতি অর্থবছরে উন্নয়ন প্রকল্পের কাজ ধীরগতিতে এগোচ্ছে। বাজারে নিত্যপ্রয়োজনীয় পণ্যের দাম বৃদ্ধি পাওয়ায় সাধারণ মানুষ চাপে রয়েছে। কর্মকর্তারা জানিয়েছেন, পরিস্থিতি নিয়ন্ত্রণে প্রয়োজনীয় ব্যবস্থা নেওয়া হচ্ছে এবং শিগগিরই এর সুফল পাওয়া যাবে বলে আশা করা হচ্ছে।

বাংলাদেশের সমাজ ও রাজনীতি নিয়ে বিভিন্ন আলোচনা চলছে। দেশের অর্থনীতির অবস্থা এবং জনগণের জীবনযাত্রার মান নিয়ে বিশেষজ্ঞরা মতামত দিয়েছেন। সরকারের পক্ষ থেকে বিভিন্ন উদ্যোগ নেওয়ার কথা জানানো হয়েছে। এ বিষয়ে সংশ্লিষ্ট মহলে ব্যাপক আলোচনা চলছে এবং নাগরিকরা তাদের প্রত্যাশার কথা জানাচ্ছেন। স্থানীয় পর্যায়ে বিভিন্ন কর্মসূচি বাস্তবায়নের কাজ এগিয়ে চলছে।

অনুষ্ঠানে বক্তারা বলেন, গণতান্ত্রিক ব্যবস্থা শক্তিশালী করতে সকলকে একযোগে কাজ করতে হবে। আইনের শাসন প্রতিষ্ঠা ও মানবাধিকার রক্ষায় সংশ্লিষ্ট প্রতিষ্ঠানগুলোকে আরও দায়িত্বশীল হতে হবে। শিক্ষা, স্বাস্থ্য ও কর্মসংস্থান খাতে বিনিয়োগ বাড়ানোর আহ্বান জানানো হয়।

স্বর্ণ-সার মান প্রকাশ

প্রতিবেদনে বলা হয়েছে, চলতি অর্থবছরে উন্নয়ন প্রকল্পের কাজ ধীরগতিতে এগোচ্ছে। বাজারে নিত্যপ্রয়োজনীয় পণ্যের দাম বৃদ্ধি পাওয়ায় সাধারণ মানুষ চাপে রয়েছে। কর্মকর্তারা জানিয়েছেন, পরিস্থিতি নিয়ন্ত্রণে প্রয়োজনীয় ব্যবস্থা নেওয়া হচ্ছে এবং শিগগিরই এর সুফল পাওয়া যাবে বলে আশা করা হচ্ছে।

বাংলাদেশের সমাজ ও রাজনীতি নিয়ে বিভিন্ন আলোচনা চলছে। দেশের অর্থনীতির অবস্থা এবং জনগণের জীবনযাত্রার মান নিয়ে বিশেষজ্ঞরা মতামত দিয়েছেন। সরকারের পক্ষ থেকে বিভিন্ন উদ্যোগ নেওয়ার কথা জানানো হয়েছে। এ বিষয়ে সংশ্লিষ্ট মহলে ব্যাপক আলোচনা চলছে এবং নাগরিকরা তাদের প্রত্যাশার কথা জানাচ্ছেন। স্থানীয় পর্যায়ে বিভিন্ন কর্মসূচি বাস্তবায়নের কাজ এগিয়ে চলছে।

অনুষ্ঠানে বক্তারা বলেন, গণতান্ত্রিক ব্যবস্থা শক্তিশালী করতে সকলকে একযোগে কাজ করতে হবে। আইনের শাসন প্রতিষ্ঠা ও মানবাধিকার রক্ষায় সংশ্লিষ্ট প্রতিষ্ঠানগুলোকে আরও দায়িত্বশীল হতে হবে। শিক্ষা, স্বাস্থ্য ও কর্মসংস্থান খাতে বিনিয়োগ বাড়ানোর আহ্বান জানানো হয়।

প্রতিবেদনে বলা হয়েছে, চলতি অর্থবছরে উন্নয়ন প্রকল্পের কাজ ধীরগতিতে এগোচ্ছে। বাজারে নিত্যপ্রয়োজনীয় পণ্যের দাম বৃদ্ধি পাওয়ায় সাধারণ মানুষ চাপে রয়েছে। কর্মকর্তারা জানিয়েছেন, পরিস্থিতি নিয়ন্ত্রণে প্রয়োজনীয় ব্যবস্থা নেওয়া হচ্ছে এবং শিগগিরই এর সুফল পাওয়া যাবে বলে আশা করা হচ্ছে।

বাংলাদেশের সমাজ ও রাজনীতি নিয়ে বিভিন্ন আলোচনা চলছে। দেশের অর্থনীতির অবস্থা এবং জনগণের জীবনযাত্রার মান নিয়ে বিশেষজ্ঞরা মতামত দিয়েছেন। সরকারের পক্ষ থেকে বিভিন্ন উদ্যোগ নেওয়ার কথা জানানো হয়েছে। এ বিষয়ে সংশ্লিষ্ট মহলে ব্যাপক আলোচনা চলছে এবং নাগরিকরা তাদের প্রত্যাশার কথা জানাচ্ছেন। স্থানীয় পর্যায়ে বিভিন্ন কর্মসূচি বাস্তবায়নের কাজ এগিয়ে চলছে।

বাংলাদেশের সমাজ ও রাজনীতি নিয়ে বিভিন্ন আলোচনা চলছে। দেশের অর্থনীতির অবস্থা এবং জনগণের জীবনযাত্রার মান নিয়ে বিশেষজ্ঞরা মতামত দিয়েছেন। সরকারের পক্ষ থেকে বিভিন্ন উদ্যোগ নেওয়ার কথা জানানো হয়েছে। এ বিষয়ে সংশ্লিষ্ট মহলে ব্যাপক আলোচনা চলছে এবং নাগরিকরা তাদের প্রত্যাশার কথা জানাচ্ছেন। স্থানীয় পর্যায়ে বিভিন্ন কর্মসূচি বাস্তবায়নের কাজ এগিয়ে চলছে।

অনুষ্ঠানে বক্তারা বলেন, গণতান্ত্রিক ব্যবস্থা শক্তিশালী করতে সকলকে একযোগে কাজ করতে হবে। আইনের শাসন প্রতিষ্ঠা ও মানবাধিকার রক্ষায় সংশ্লিষ্ট প্রতিষ্ঠানগুলোকে আরও দায়িত্বশীল হতে হবে। শিক্ষা, স্বাস্থ্য ও কর্মসংস্থান খাতে বিনিয়োগ বাড়ানোর আহ্বান জানানো হয়।

প্রতিবেদনে বলা হয়েছে, চলতি অর্থবছরে উন্নয়ন প্রকল্পের কাজ ধীরগতিতে এগোচ্ছে। বাজারে নিত্যপ্রয়োজনীয় পণ্যের দাম বৃদ্ধি পাওয়ায় সাধারণ মানুষ চাপে রয়েছে। কর্মকর্তারা জানিয়েছেন, পরিস্থিতি নিয়ন্ত্রণে প্রয়োজনীয় ব্যবস্থা নেওয়া হচ্ছে এবং শিগগিরই এর সুফল পাওয়া যাবে বলে আশা করা হচ্ছে।

বাংলাদেশের সমাজ ও রাজনীতি নিয়ে বিভিন্ন আলোচনা চলছে। দেশের অর্থনীতির অবস্থা এবং জনগণের জীবনযাত্রার মান নিয়ে বিশেষজ্ঞরা মতামত দিয়েছেন। সরকারের পক্ষ থেকে বিভিন্ন উদ্যোগ নেওয়ার কথা জানানো হয়েছে। এ বিষয়ে সংশ্লিষ্ট মহলে ব্যাপক আলোচনা চলছে এবং নাগরিকরা তাদের প্রত্যাশার কথা জানাচ্ছেন। স্থানীয় পর্যায়ে বিভিন্ন কর্মসূচি বাস্তবায়নের কাজ এগিয়ে চলছে।

অনুষ্ঠানে বক্তারা বলেন, গণতান্ত্রিক ব্যবস্থা শক্তিশালী করতে সকলকে একযোগে কাজ করতে হবে। আইনের শাসন প্রতিষ্ঠা ও মানবাধিকার রক্ষায় সংশ্লিষ্ট প্রতিষ্ঠানগুলোকে আরও দায়িত্বশীল হতে হবে। শিক্ষা, স্বাস্থ্য ও কর্মসংস্থান খাতে বিনিয়োগ বাড়ানোর আহ্বান জানানো হয়।

অন্তবর্তী সরকার বার্তা

বাংলাদেশের সমাজ ও রাজনীতি নিয়ে বিভিন্ন আলোচনা চলছে। দেশের অর্থনীতির অবস্থা এবং জনগণের জীবনযাত্রার মান নিয়ে বিশেষজ্ঞরা মতামত দিয়েছেন। সরকারের পক্ষ থেকে বিভিন্ন উদ্যোগ নেওয়ার কথা জানানো হয়েছে। এ বিষয়ে সংশ্লিষ্ট মহলে ব্যাপক আলোচনা চলছে এবং নাগরিকরা তাদের প্রত্যাশার কথা জানাচ্ছেন। স্থানীয় পর্যায়ে বিভিন্ন কর্মসূচি বাস্তবায়নের কাজ এগিয়ে চলছে।

প্রতিবেদনে বলা হয়েছে, চলতি অর্থবছরে উন্নয়ন প্রকল্পের কাজ ধীরগতিতে এগোচ্ছে। বাজারে নিত্যপ্রয়োজনীয় পণ্যের দাম বৃদ্ধি পাওয়ায় সাধারণ মানুষ চাপে রয়েছে। কর্মকর্তারা জানিয়েছেন, পরিস্থিতি নিয়ন্ত্রণে প্রয়োজনীয় ব্যবস্থা নেওয়া হচ্ছে এবং শিগগিরই এর সুফল পাওয়া যাবে বলে আশা করা হচ্ছে।

অনুষ্ঠানে বক্তারা বলেন, গণতান্ত্রিক ব্যবস্থা শক্তিশালী করতে সকলকে একযোগে কাজ করতে হবে। আইনের শাসন প্রতিষ্ঠা ও মানবাধিকার রক্ষায় সংশ্লিষ্ট প্রতিষ্ঠানগুলোকে আরও দায়িত্বশীল হতে হবে। শিক্ষা, স্বাস্থ্য ও কর্মসংস্থান খাতে বিনিয়োগ বাড়ানোর আহ্বান জানানো হয়।

চাল-মূল্যের দর বাড়তি

অনুষ্ঠানে বক্তারা বলেন, গণতান্ত্রিক ব্যবস্থা শক্তিশালী করতে সকলকে একযোগে কাজ করতে হবে। আইনের শাসন প্রতিষ্ঠা ও মানবাধিকার রক্ষায় সংশ্লিষ্ট প্রতিষ্ঠানগুলোকে আরও দায়িত্বশীল হতে হবে। শিক্ষা, স্বাস্থ্য ও কর্মসংস্থান খাতে বিনিয়োগ বাড়ানোর আহ্বান জানানো হয়।

বাংলাদেশের সমাজ ও রাজনীতি নিয়ে বিভিন্ন আলোচনা চলছে। দেশের অর্থনীতির অবস্থা এবং জনগণের জীবনযাত্রার মান নিয়ে বিশেষজ্ঞরা মতামত দিয়েছেন। সরকারের পক্ষ থেকে বিভিন্ন উদ্যোগ নেওয়ার কথা জানানো হয়েছে। এ বিষয়ে সংশ্লিষ্ট মহলে ব্যাপক আলোচনা চলছে এবং নাগরিকরা তাদের প্রত্যাশার কথা জানাচ্ছেন। স্থানীয় পর্যায়ে বিভিন্ন কর্মসূচি বাস্তবায়নের কাজ এগিয়ে চলছে।

প্রতিবেদনে বলা হয়েছে, চলতি অর্থবছরে উন্নয়ন প্রকল্পের কাজ ধীরগতিতে এগোচ্ছে। বাজারে নিত্যপ্রয়োজনীয় পণ্যের দাম বৃদ্ধি পাওয়ায় সাধারণ মানুষ চাপে রয়েছে। কর্মকর্তারা জানিয়েছেন, পরিস্থিতি নিয়ন্ত্রণে প্রয়োজনীয় ব্যবস্থা নেওয়া হচ্ছে এবং শিগগিরই এর সুফল পাওয়া যাবে বলে আশা করা হচ্ছে।

অনুষ্ঠানে বক্তারা বলেন, গণতান্ত্রিক ব্যবস্থা শক্তিশালী করতে সকলকে একযোগে কাজ করতে হবে। আইনের শাসন প্রতিষ্ঠা ও মানবাধিকার রক্ষায় সংশ্লিষ্ট প্রতিষ্ঠানগুলোকে আরও দায়িত্বশীল হতে হবে। শিক্ষা, স্বাস্থ্য ও কর্মসংস্থান খাতে বিনিয়োগ বাড়ানোর আহ্বান জানানো হয়।

তথ্য চুরের নয়

প্রতিবেদনে বলা হয়েছে, চলতি অর্থবছরে উন্নয়ন প্রকল্পের কাজ ধীরগতিতে এগোচ্ছে। বাজারে নিত্যপ্রয়োজনীয় পণ্যের দাম বৃদ্ধি পাওয়ায় সাধারণ মানুষ চাপে রয়েছে। কর্মকর্তারা জানিয়েছেন, পরিস্থিতি নিয়ন্ত্রণে প্রয়োজনীয় ব্যবস্থা নেওয়া হচ্ছে এবং শিগগিরই এর সুফল পাওয়া যাবে বলে আশা করা হচ্ছে।

অনুষ্ঠানে বক্তারা বলেন, গণতান্ত্রিক ব্যবস্থা শক্তিশালী করতে সকলকে একযোগে কাজ করতে হবে। আইনের শাসন প্রতিষ্ঠা ও মানবাধিকার রক্ষায় সংশ্লিষ্ট প্রতিষ্ঠানগুলোকে আরও দায়িত্বশীল হতে হবে। শিক্ষা, স্বাস্থ্য ও কর্মসংস্থান খাতে বিনিয়োগ বাড়ানোর আহ্বান জানানো হয়।

অন্তবর্তী কমিটি নয়ন

বাংলাদেশের সমাজ ও রাজনীতি নিয়ে বিভিন্ন আলোচনা চলছে। দেশের অর্থনীতির অবস্থা এবং জনগণের জীবনযাত্রার মান নিয়ে বিশেষজ্ঞরা মতামত দিয়েছেন। সরকারের পক্ষ থেকে বিভিন্ন উদ্যোগ নেওয়ার কথা জানানো হয়েছে। এ বিষয়ে সংশ্লিষ্ট মহলে ব্যাপক আলোচনা চলছে এবং নাগরিকরা তাদের প্রত্যাশার কথা জানাচ্ছেন। স্থানীয় পর্যায়ে বিভিন্ন কর্মসূচি বাস্তবায়নের কাজ এগিয়ে চলছে।

অনুষ্ঠানে বক্তারা বলেন, গণতান্ত্রিক ব্যবস্থা শক্তিশালী করতে সকলকে একযোগে কাজ করতে হবে। আইনের শাসন প্রতিষ্ঠা ও মানবাধিকার রক্ষায় সংশ্লিষ্ট প্রতিষ্ঠানগুলোকে আরও দায়িত্বশীল হতে হবে। শিক্ষা, স্বাস্থ্য ও কর্মসংস্থান খাতে বিনিয়োগ বাড়ানোর আহ্বান জানানো হয়।

অর্থ পাচারের মামলা

অনুষ্ঠানে বক্তারা বলেন, গণতান্ত্রিক ব্যবস্থা শক্তিশালী করতে সকলকে একযোগে কাজ করতে হবে। আইনের শাসন প্রতিষ্ঠা ও মানবাধিকার রক্ষায় সংশ্লিষ্ট প্রতিষ্ঠানগুলোকে আরও দায়িত্বশীল হতে হবে। শিক্ষা, স্বাস্থ্য ও কর্মসংস্থান খাতে বিনিয়োগ বাড়ানোর আহ্বান জানানো হয়।

প্রতিবেদনে বলা হয়েছে, চলতি অর্থবছরে উন্নয়ন প্রকল্পের কাজ ধীরগতিতে এগোচ্ছে। বাজারে নিত্যপ্রয়োজনীয় পণ্যের দাম বৃদ্ধি পাওয়ায় সাধারণ মানুষ চাপে রয়েছে। কর্মকর্তারা জানিয়েছেন, পরিস্থিতি নিয়ন্ত্রণে প্রয়োজনীয় ব্যবস্থা নেওয়া হচ্ছে এবং শিগগিরই এর সুফল পাওয়া যাবে বলে আশা করা হচ্ছে।

দুর্নীতির মামলায় আসামী

বাংলাদেশের সমাজ ও রাজনীতি নিয়ে বিভিন্ন আলোচনা চলছে। দেশের অর্থনীতির অবস্থা এবং জনগণের জীবনযাত্রার মান নিয়ে বিশেষজ্ঞরা মতামত দিয়েছেন। সরকারের পক্ষ থেকে বিভিন্ন উদ্যোগ নেওয়ার কথা জানানো হয়েছে। এ বিষয়ে সংশ্লিষ্ট মহলে ব্যাপক আলোচনা চলছে এবং নাগরিকরা তাদের প্রত্যাশার কথা জানাচ্ছেন। স্থানীয় পর্যায়ে বিভিন্ন কর্মসূচি বাস্তবায়নের কাজ এগিয়ে চলছে।

নারায়ণগঞ্জের আশেপাশে

প্রতিবেদনে বলা হয়েছে, চলতি অর্থবছরে উন্নয়ন প্রকল্পের কাজ ধীরগতিতে এগোচ্ছে। বাজারে নিত্যপ্রয়োজনীয় পণ্যের দাম বৃদ্ধি পাওয়ায় সাধারণ মানুষ চাপে রয়েছে। কর্মকর্তারা জানিয়েছেন, পরিস্থিতি নিয়ন্ত্রণে প্রয়োজনীয় ব্যবস্থা নেওয়া হচ্ছে এবং শিগগিরই এর সুফল পাওয়া যাবে বলে আশা করা হচ্ছে।

বাংলাদেশের সমাজ ও রাজনীতি নিয়ে বিভিন্ন আলোচনা চলছে। দেশের অর্থনীতির অবস্থা এবং জনগণের জীবনযাত্রার মান নিয়ে বিশেষজ্ঞরা মতামত দিয়েছেন। সরকারের পক্ষ থেকে বিভিন্ন উদ্যোগ নেওয়ার কথা জানানো হয়েছে। এ বিষয়ে সংশ্লিষ্ট মহলে ব্যাপক আলোচনা চলছে এবং নাগরিকরা তাদের প্রত্যাশার কথা জানাচ্ছেন। স্থানীয় পর্যায়ে বিভিন্ন কর্মসূচি বাস্তবায়নের কাজ এগিয়ে চলছে।

উপদেষ্টা মন্ত্রণালয় মন্তব্য

অনুষ্ঠানে বক্তারা বলেন, গণতান্ত্রিক ব্যবস্থা শক্তিশালী করতে সকলকে একযোগে কাজ করতে হবে। আইনের শাসন প্রতিষ্ঠা ও মানবাধিকার রক্ষায় সংশ্লিষ্ট প্রতিষ্ঠানগুলোকে আরও দায়িত্বশীল হতে হবে। শিক্ষা, স্বাস্থ্য ও কর্মসংস্থান খাতে বিনিয়োগ বাড়ানোর আহ্বান জানানো হয়।

বাংলাদেশের সমাজ ও রাজনীতি নিয়ে বিভিন্ন আলোচনা চলছে। দেশের অর্থনীতির অবস্থা এবং জনগণের জীবনযাত্রার মান নিয়ে বিশেষজ্ঞরা মতামত দিয়েছেন। সরকারের পক্ষ থেকে বিভিন্ন উদ্যোগ নেওয়ার কথা জানানো হয়েছে। এ বিষয়ে সংশ্লিষ্ট মহলে ব্যাপক আলোচনা চলছে এবং নাগরিকরা তাদের প্রত্যাশার কথা জানাচ্ছেন। স্থানীয় পর্যায়ে বিভিন্ন কর্মসূচি বাস্তবায়নের কাজ এগিয়ে চলছে।

প্রতিবেদনে বলা হয়েছে, চলতি অর্থবছরে উন্নয়ন প্রকল্পের কাজ ধীরগতিতে এগোচ্ছে। বাজারে নিত্যপ্রয়োজনীয় পণ্যের দাম বৃদ্ধি পাওয়ায় সাধারণ মানুষ চাপে রয়েছে। কর্মকর্তারা জানিয়েছেন, পরিস্থিতি নিয়ন্ত্রণে প্রয়োজনীয় ব্যবস্থা নেওয়া হচ্ছে এবং শিগগিরই এর সুফল পাওয়া যাবে বলে আশা করা হচ্ছে।
